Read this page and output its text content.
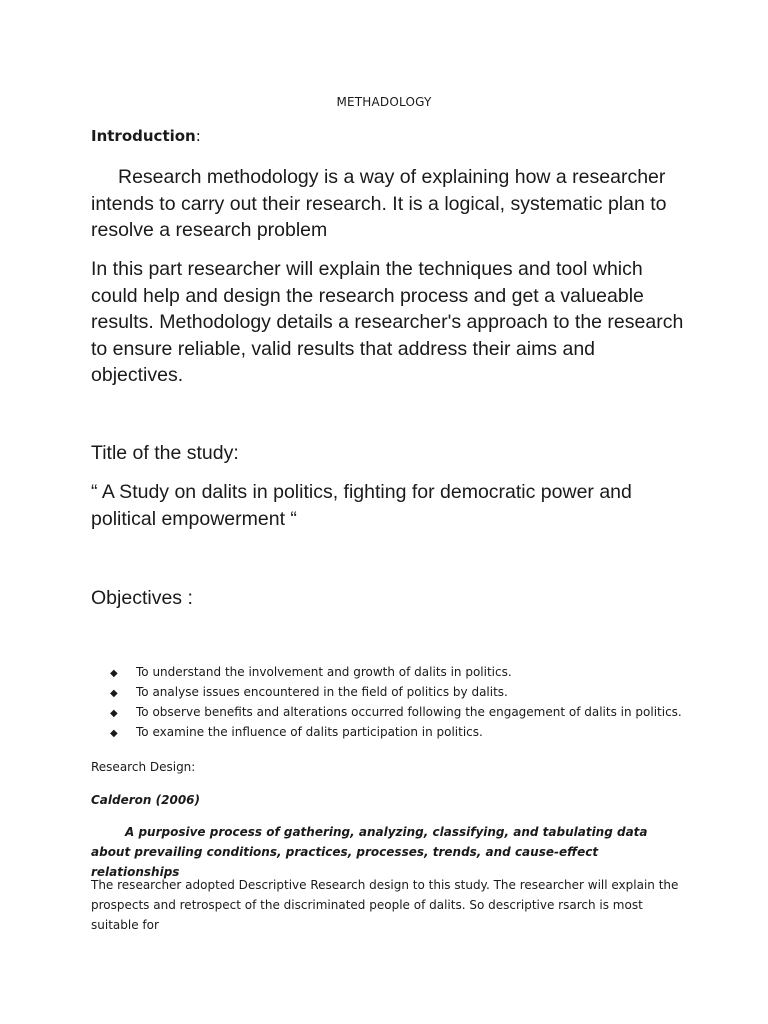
METHADOLOGY
Introduction:
Research methodology is a way of explaining how a researcher intends to carry out their research. It is a logical, systematic plan to resolve a research problem
In this part researcher will explain the techniques and tool which could help and design the research process and get a valueable results. Methodology details a researcher's approach to the research to ensure reliable, valid results that address their aims and objectives.
Title of the study:
“ A Study on dalits in politics, fighting for democratic power and political empowerment “
Objectives :
◆ To understand the involvement and growth of dalits in politics.
◆ To analyse issues encountered in the field of politics by dalits.
◆ To observe benefits and alterations occurred following the engagement of dalits in politics.
◆ To examine the influence of dalits participation in politics.
Research Design:
Calderon (2006)
A purposive process of gathering, analyzing, classifying, and tabulating data about prevailing conditions, practices, processes, trends, and cause-effect relationships
The researcher adopted Descriptive Research design to this study. The researcher will explain the prospects and retrospect of the discriminated people of dalits. So descriptive rsarch is most suitable for
